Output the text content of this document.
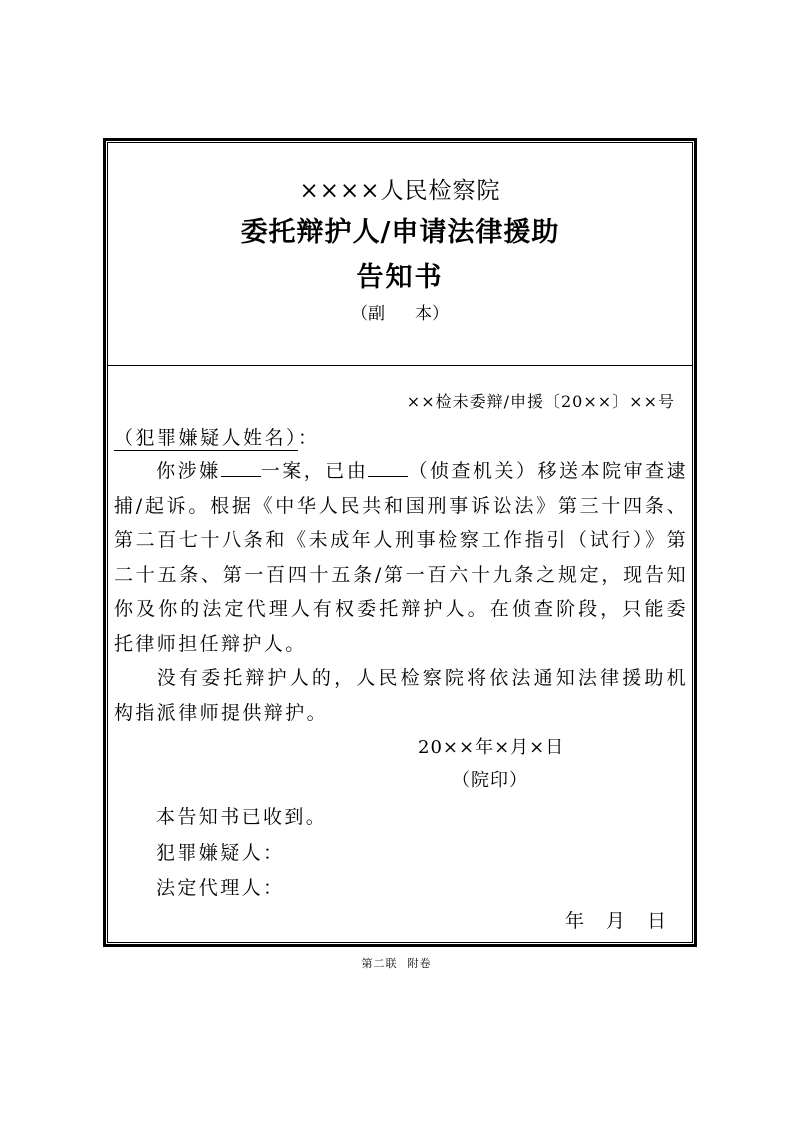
××××人民检察院
委托辩护人/申请法律援助
告知书
（副 本）
××检未委辩/申援〔20××〕××号
（犯罪嫌疑人姓名）：
你涉嫌 一案，已由 （侦查机关）移送本院审查逮捕/起诉。根据《中华人民共和国刑事诉讼法》第三十四条、第二百七十八条和《未成年人刑事检察工作指引（试行）》第二十五条、第一百四十五条/第一百六十九条之规定，现告知你及你的法定代理人有权委托辩护人。在侦查阶段，只能委托律师担任辩护人。
没有委托辩护人的，人民检察院将依法通知法律援助机构指派律师提供辩护。
20××年×月×日
（院印）
本告知书已收到。
犯罪嫌疑人：
法定代理人：
年 月 日
第二联 附卷
